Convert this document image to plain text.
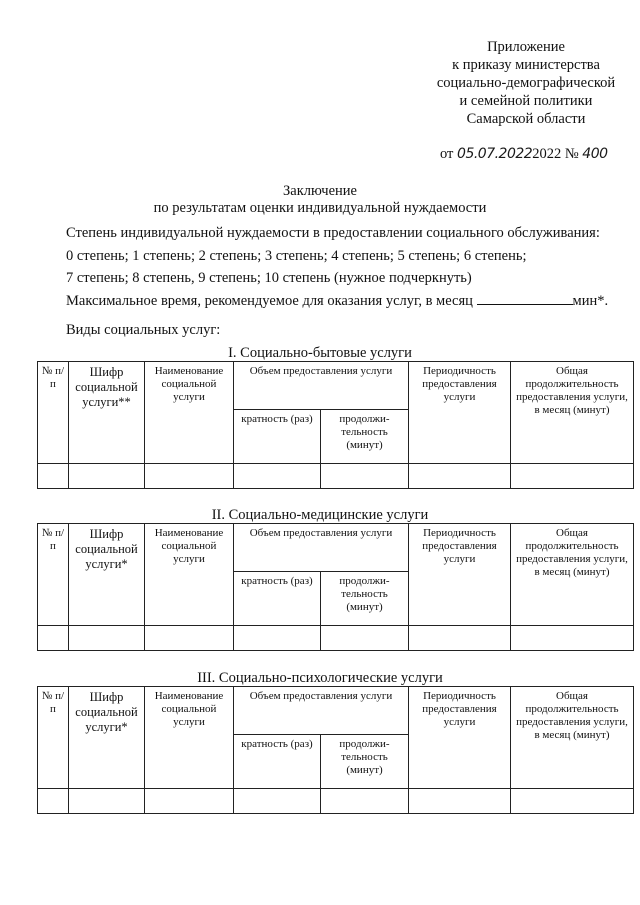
Приложение
к приказу министерства
социально-демографической
и семейной политики
Самарской области
от 05.07.20222022 № 400
Заключение
по результатам оценки индивидуальной нуждаемости
Степень индивидуальной нуждаемости в предоставлении социального обслуживания:
0 степень; 1 степень; 2 степень; 3 степень; 4 степень; 5 степень; 6 степень;
7 степень; 8 степень, 9 степень; 10 степень (нужное подчеркнуть)
Максимальное время, рекомендуемое для оказания услуг, в месяц	мин*.
Виды социальных услуг:
I. Социально-бытовые услуги
№ п/п	Шифр социальной услуги**	Наименование социальной услуги	Объем предоставления услуги		Периодичность предоставления услуги	Общая продолжительность предоставления услуги, в месяц (минут)
			кратность (раз)	продолжи-тельность (минут)		

II. Социально-медицинские услуги
№ п/п	Шифр социальной услуги*	Наименование социальной услуги	Объем предоставления услуги		Периодичность предоставления услуги	Общая продолжительность предоставления услуги, в месяц (минут)
			кратность (раз)	продолжи-тельность (минут)		

III. Социально-психологические услуги
№ п/п	Шифр социальной услуги*	Наименование социальной услуги	Объем предоставления услуги		Периодичность предоставления услуги	Общая продолжительность предоставления услуги, в месяц (минут)
			кратность (раз)	продолжи-тельность (минут)		
